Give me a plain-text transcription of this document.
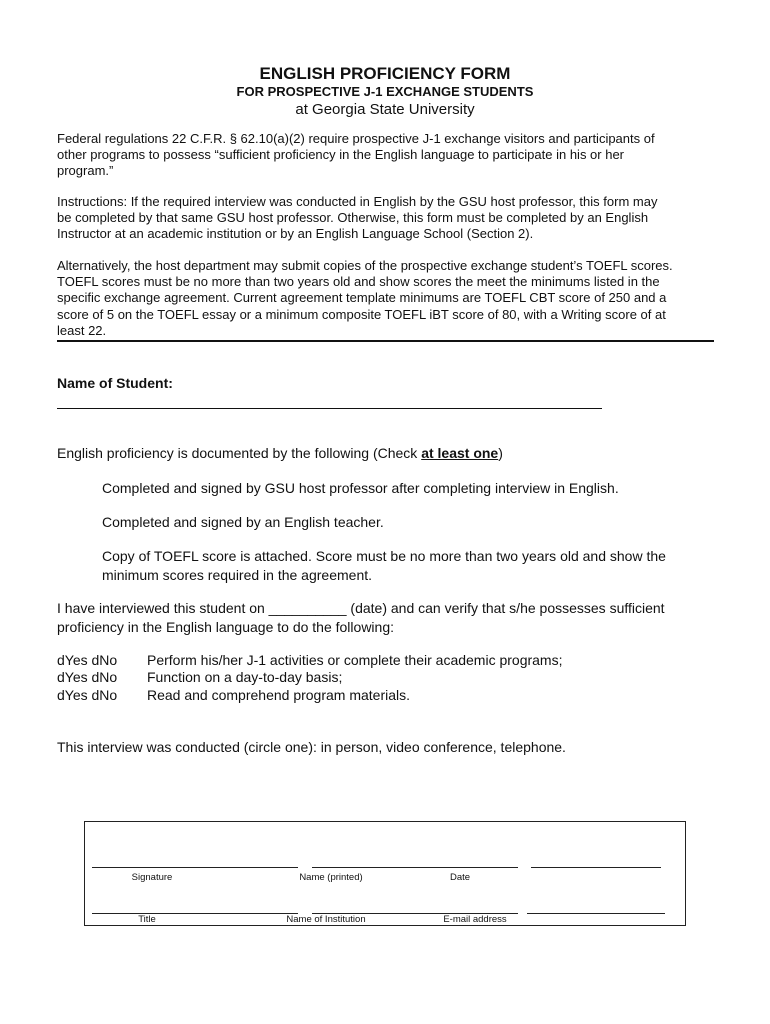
ENGLISH PROFICIENCY FORM
FOR PROSPECTIVE J-1 EXCHANGE STUDENTS
at Georgia State University
Federal regulations 22 C.F.R. § 62.10(a)(2) require prospective J-1 exchange visitors and participants of
other programs to possess “sufficient proficiency in the English language to participate in his or her
program.”
Instructions: If the required interview was conducted in English by the GSU host professor, this form may
be completed by that same GSU host professor. Otherwise, this form must be completed by an English
Instructor at an academic institution or by an English Language School (Section 2).
Alternatively, the host department may submit copies of the prospective exchange student’s TOEFL scores.
TOEFL scores must be no more than two years old and show scores the meet the minimums listed in the
specific exchange agreement. Current agreement template minimums are TOEFL CBT score of 250 and a
score of 5 on the TOEFL essay or a minimum composite TOEFL iBT score of 80, with a Writing score of at
least 22.
Name of Student:
English proficiency is documented by the following (Check at least one)
Completed and signed by GSU host professor after completing interview in English.
Completed and signed by an English teacher.
Copy of TOEFL score is attached. Score must be no more than two years old and show the
minimum scores required in the agreement.
I have interviewed this student on __________ (date) and can verify that s/he possesses sufficient
proficiency in the English language to do the following:
dYes dNo Perform his/her J-1 activities or complete their academic programs;
dYes dNo Function on a day-to-day basis;
dYes dNo Read and comprehend program materials.
This interview was conducted (circle one): in person, video conference, telephone.
Signature	Name (printed)	Date
Title	Name of Institution	E-mail address
